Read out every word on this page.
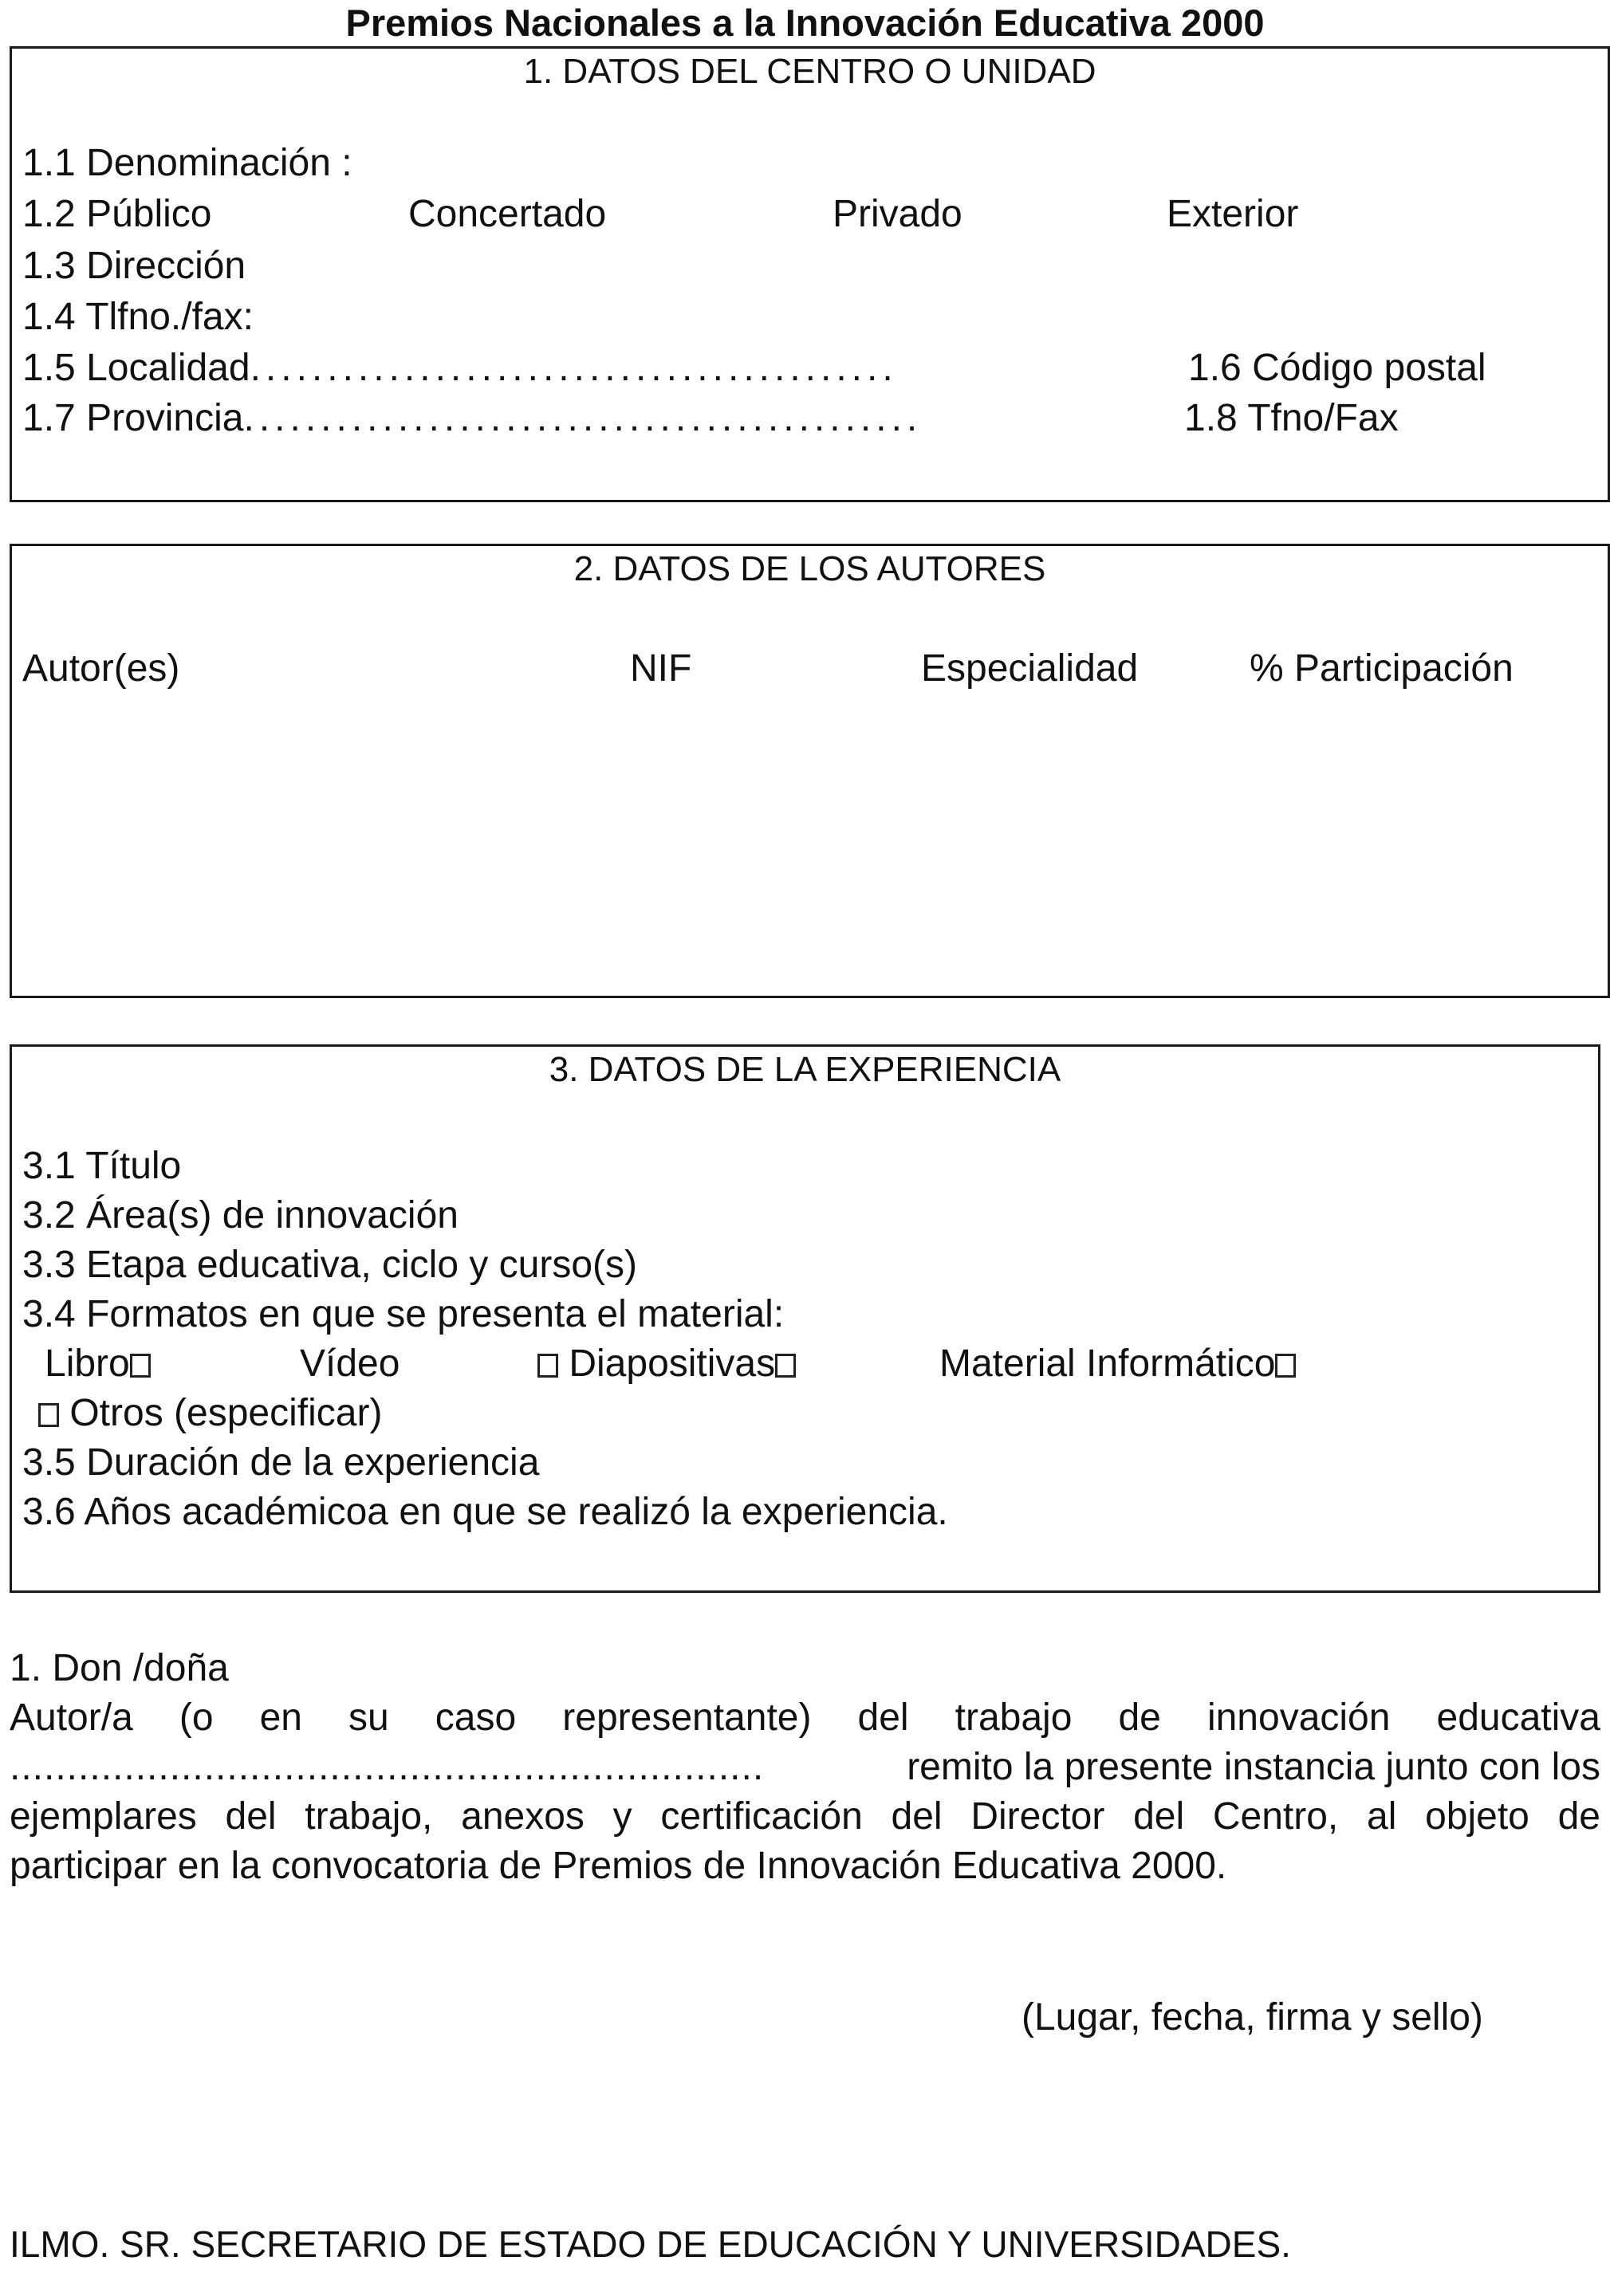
Premios Nacionales a la Innovación Educativa 2000
1. DATOS DEL CENTRO O UNIDAD
1.1 Denominación :
1.2 Público	Concertado	Privado	Exterior
1.3 Dirección
1.4 Tlfno./fax:
1.5 Localidad..........................................	1.6 Código postal
1.7 Provincia............................................	1.8 Tfno/Fax
2. DATOS DE LOS AUTORES
Autor(es)	NIF	Especialidad	% Participación
3. DATOS DE LA EXPERIENCIA
3.1 Título
3.2 Área(s) de innovación
3.3 Etapa educativa, ciclo y curso(s)
3.4 Formatos en que se presenta el material:
Libro	Vídeo	Diapositivas	Material Informático
Otros (especificar)
3.5 Duración de la experiencia
3.6 Años académicoa en que se realizó la experiencia.
1. Don /doña
Autor/a (o en su caso representante) del trabajo de innovación educativa
..................................................................	remito la presente instancia junto con los
ejemplares del trabajo, anexos y certificación del Director del Centro, al objeto de
participar en la convocatoria de Premios de Innovación Educativa 2000.
(Lugar, fecha, firma y sello)
ILMO. SR. SECRETARIO DE ESTADO DE EDUCACIÓN Y UNIVERSIDADES.
